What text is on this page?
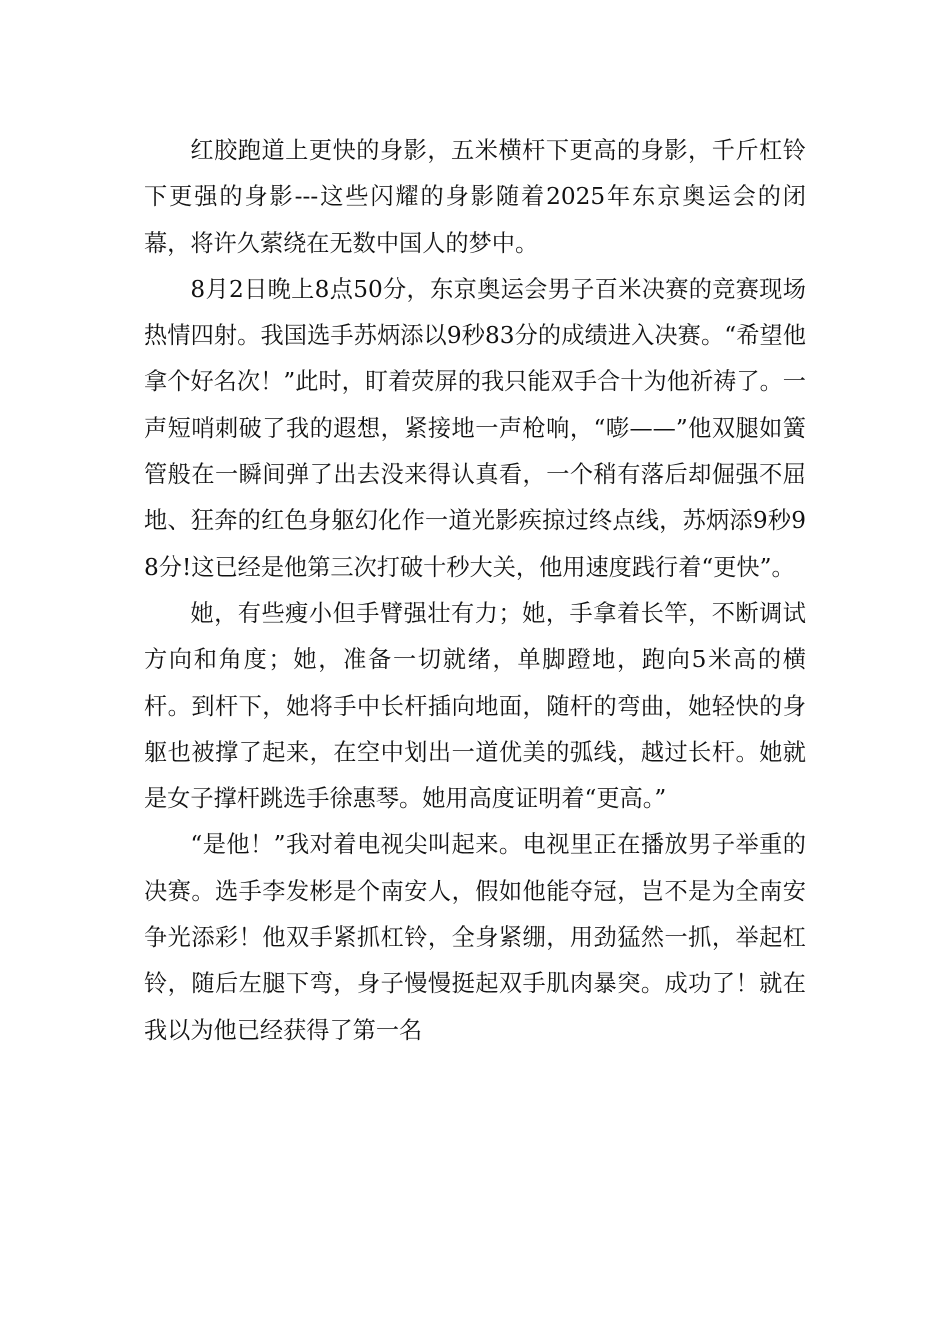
红胶跑道上更快的身影，五米横杆下更高的身影，千斤杠铃下更强的身影---这些闪耀的身影随着2025年东京奥运会的闭幕，将许久萦绕在无数中国人的梦中。

8月2日晚上8点50分，东京奥运会男子百米决赛的竞赛现场热情四射。我国选手苏炳添以9秒83分的成绩进入决赛。“希望他拿个好名次！”此时，盯着荧屏的我只能双手合十为他祈祷了。一声短哨刺破了我的遐想，紧接地一声枪响，“嘭——”他双腿如簧管般在一瞬间弹了出去没来得认真看，一个稍有落后却倔强不屈地、狂奔的红色身躯幻化作一道光影疾掠过终点线，苏炳添9秒98分!这已经是他第三次打破十秒大关，他用速度践行着“更快”。

她，有些瘦小但手臂强壮有力；她，手拿着长竿，不断调试方向和角度；她，准备一切就绪，单脚蹬地，跑向5米高的横杆。到杆下，她将手中长杆插向地面，随杆的弯曲，她轻快的身躯也被撑了起来，在空中划出一道优美的弧线，越过长杆。她就是女子撑杆跳选手徐惠琴。她用高度证明着“更高。”

“是他！”我对着电视尖叫起来。电视里正在播放男子举重的决赛。选手李发彬是个南安人，假如他能夺冠，岂不是为全南安争光添彩！他双手紧抓杠铃，全身紧绷，用劲猛然一抓，举起杠铃，随后左腿下弯，身子慢慢挺起双手肌肉暴突。成功了！就在我以为他已经获得了第一名
